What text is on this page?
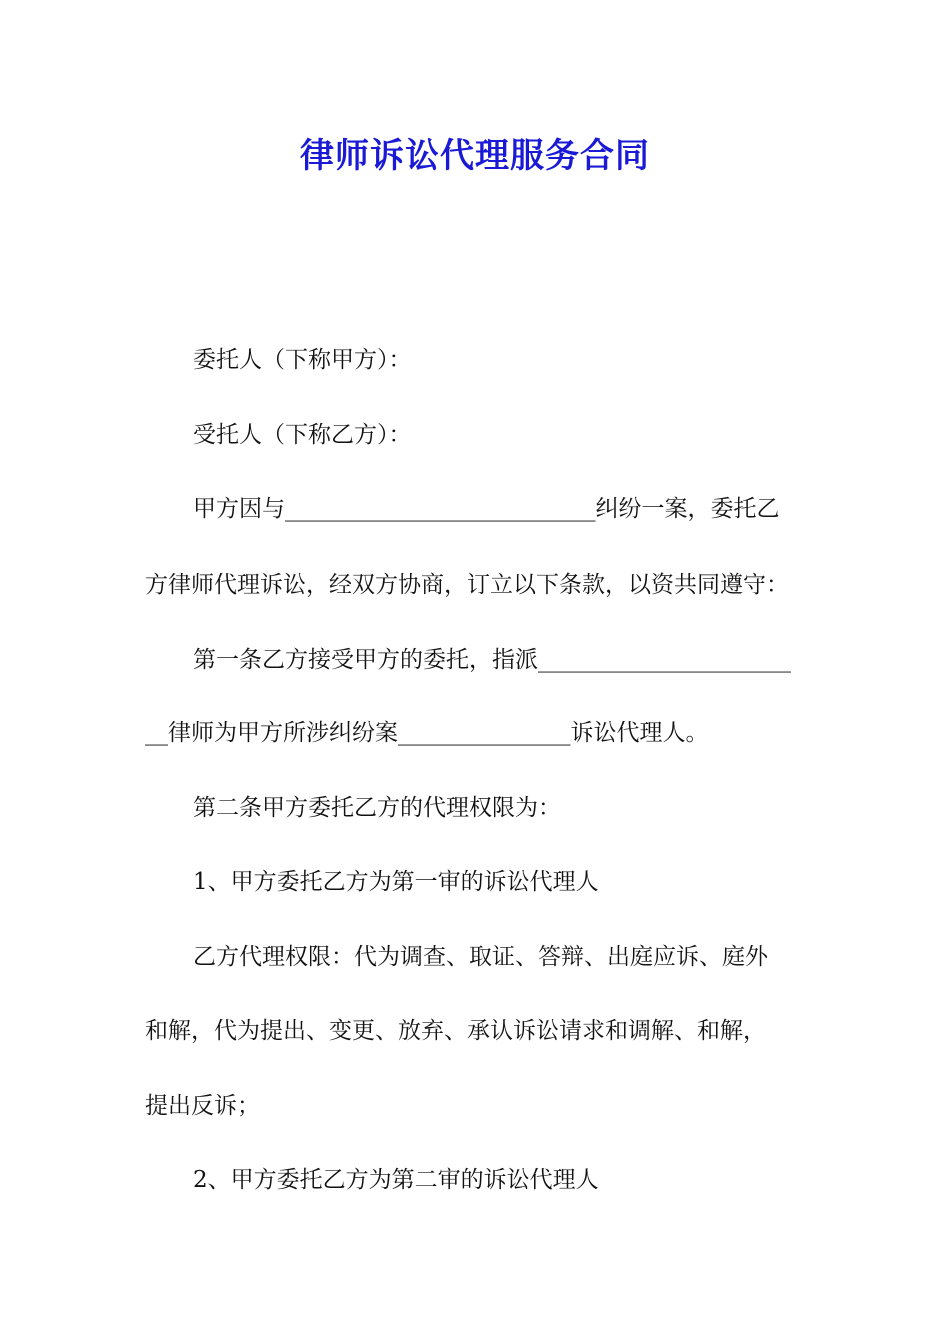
律师诉讼代理服务合同
委托人（下称甲方）：
受托人（下称乙方）：
甲方因与___________________________纠纷一案，委托乙
方律师代理诉讼，经双方协商，订立以下条款，以资共同遵守：
第一条乙方接受甲方的委托，指派______________________
__律师为甲方所涉纠纷案_______________诉讼代理人。
第二条甲方委托乙方的代理权限为：
1、甲方委托乙方为第一审的诉讼代理人
乙方代理权限：代为调查、取证、答辩、出庭应诉、庭外
和解，代为提出、变更、放弃、承认诉讼请求和调解、和解，
提出反诉；
2、甲方委托乙方为第二审的诉讼代理人
